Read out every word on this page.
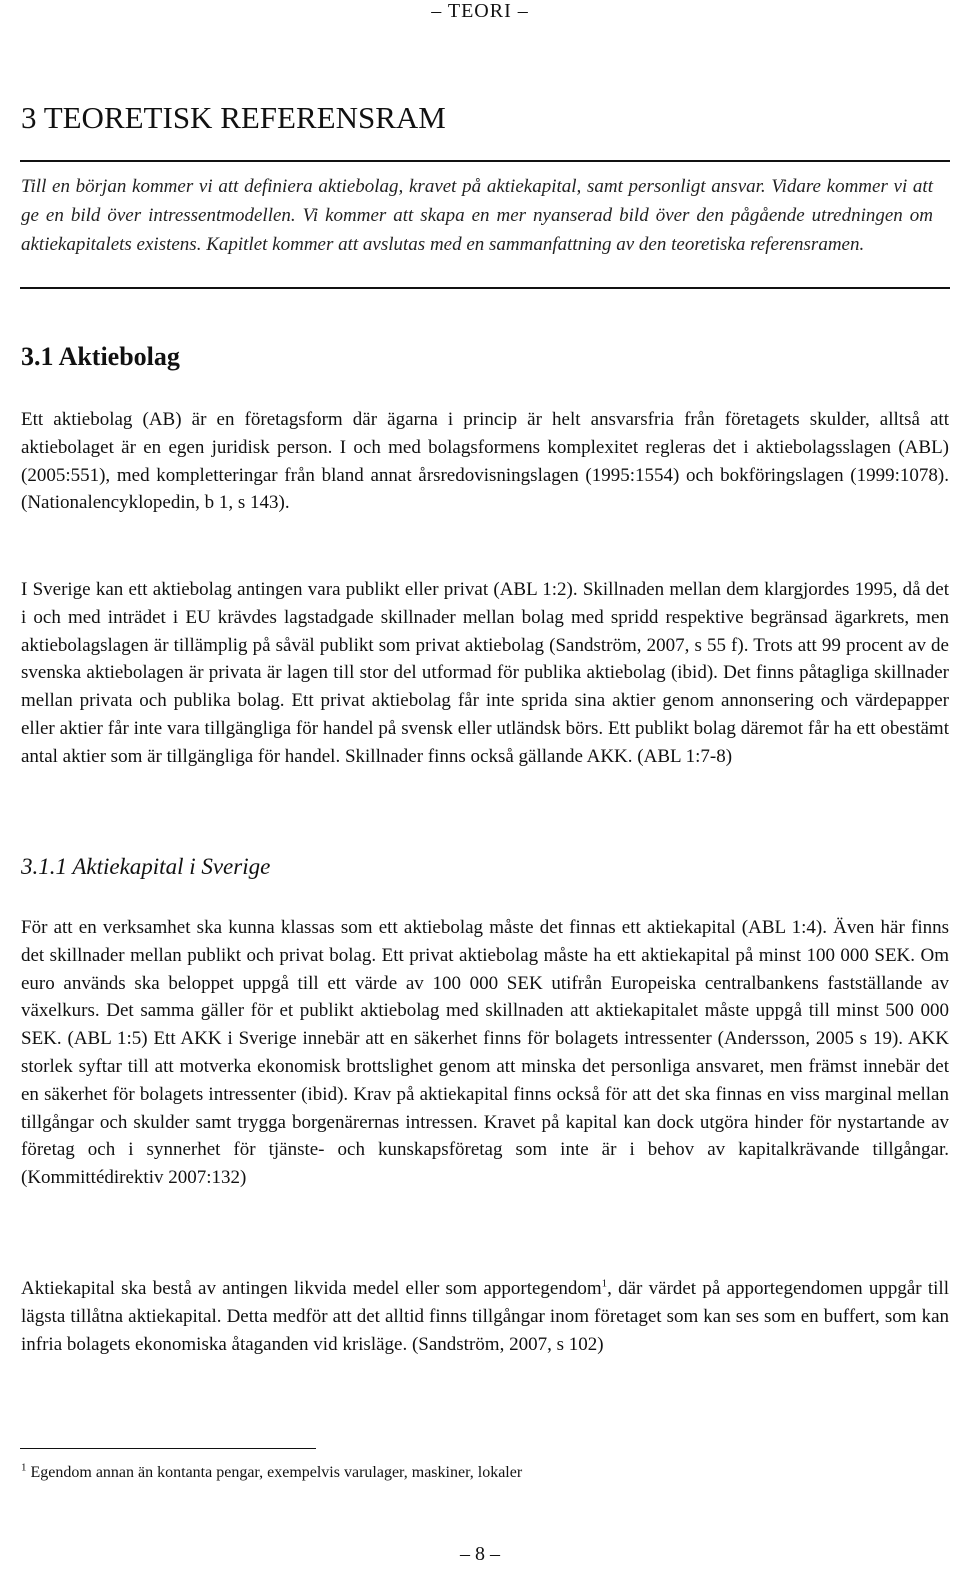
– TEORI –
3 TEORETISK REFERENSRAM

Till en början kommer vi att definiera aktiebolag, kravet på aktiekapital, samt personligt ansvar. Vidare kommer vi att ge en bild över intressentmodellen. Vi kommer att skapa en mer nyanserad bild över den pågående utredningen om aktiekapitalets existens. Kapitlet kommer att avslutas med en sammanfattning av den teoretiska referensramen.

3.1 Aktiebolag

Ett aktiebolag (AB) är en företagsform där ägarna i princip är helt ansvarsfria från företagets skulder, alltså att aktiebolaget är en egen juridisk person. I och med bolagsformens komplexitet regleras det i aktiebolagsslagen (ABL) (2005:551), med kompletteringar från bland annat årsredovisningslagen (1995:1554) och bokföringslagen (1999:1078). (Nationalencyklopedin, b 1, s 143).

I Sverige kan ett aktiebolag antingen vara publikt eller privat (ABL 1:2). Skillnaden mellan dem klargjordes 1995, då det i och med inträdet i EU krävdes lagstadgade skillnader mellan bolag med spridd respektive begränsad ägarkrets, men aktiebolagslagen är tillämplig på såväl publikt som privat aktiebolag (Sandström, 2007, s 55 f). Trots att 99 procent av de svenska aktiebolagen är privata är lagen till stor del utformad för publika aktiebolag (ibid). Det finns påtagliga skillnader mellan privata och publika bolag. Ett privat aktiebolag får inte sprida sina aktier genom annonsering och värdepapper eller aktier får inte vara tillgängliga för handel på svensk eller utländsk börs. Ett publikt bolag däremot får ha ett obestämt antal aktier som är tillgängliga för handel. Skillnader finns också gällande AKK. (ABL 1:7-8)

3.1.1 Aktiekapital i Sverige

För att en verksamhet ska kunna klassas som ett aktiebolag måste det finnas ett aktiekapital (ABL 1:4). Även här finns det skillnader mellan publikt och privat bolag. Ett privat aktiebolag måste ha ett aktiekapital på minst 100 000 SEK. Om euro används ska beloppet uppgå till ett värde av 100 000 SEK utifrån Europeiska centralbankens fastställande av växelkurs. Det samma gäller för et publikt aktiebolag med skillnaden att aktiekapitalet måste uppgå till minst 500 000 SEK. (ABL 1:5) Ett AKK i Sverige innebär att en säkerhet finns för bolagets intressenter (Andersson, 2005 s 19). AKK storlek syftar till att motverka ekonomisk brottslighet genom att minska det personliga ansvaret, men främst innebär det en säkerhet för bolagets intressenter (ibid). Krav på aktiekapital finns också för att det ska finnas en viss marginal mellan tillgångar och skulder samt trygga borgenärernas intressen. Kravet på kapital kan dock utgöra hinder för nystartande av företag och i synnerhet för tjänste- och kunskapsföretag som inte är i behov av kapitalkrävande tillgångar. (Kommittédirektiv 2007:132)

Aktiekapital ska bestå av antingen likvida medel eller som apportegendom$^1$, där värdet på apportegendomen uppgår till lägsta tillåtna aktiekapital. Detta medför att det alltid finns tillgångar inom företaget som kan ses som en buffert, som kan infria bolagets ekonomiska åtaganden vid krisläge. (Sandström, 2007, s 102)

$^1$ Egendom annan än kontanta pengar, exempelvis varulager, maskiner, lokaler

– 8 –
